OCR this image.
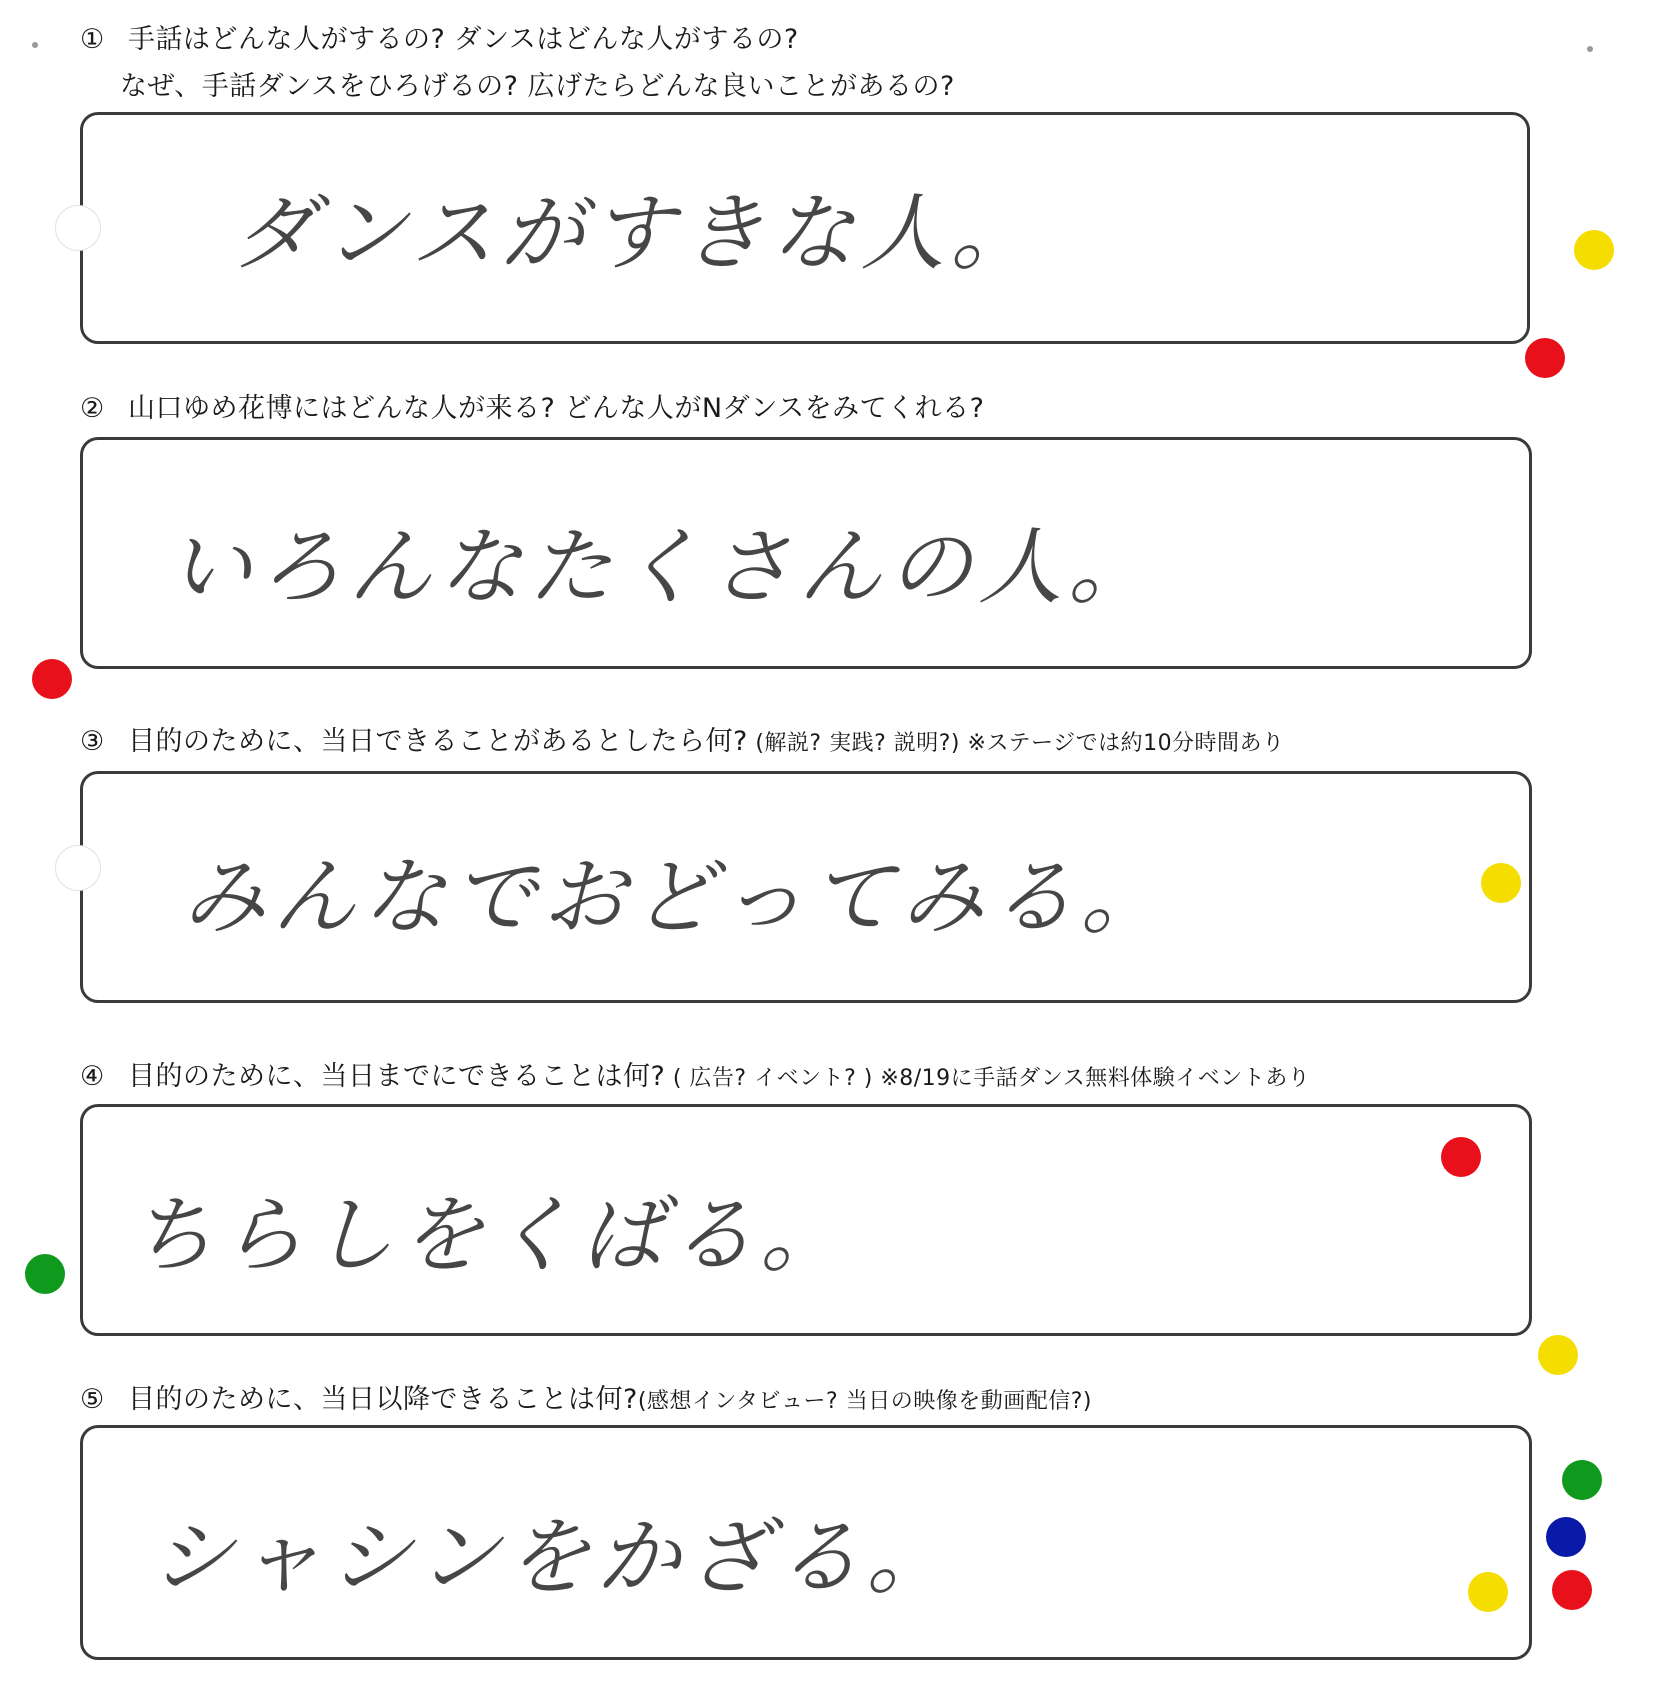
① 手話はどんな人がするの? ダンスはどんな人がするの?
なぜ、手話ダンスをひろげるの? 広げたらどんな良いことがあるの?
ダンスがすきな人。
② 山口ゆめ花博にはどんな人が来る? どんな人がNダンスをみてくれる?
いろんなたくさんの人。
③ 目的のために、当日できることがあるとしたら何? (解説? 実践? 説明?) ※ステージでは約10分時間あり
みんなでおどってみる。
④ 目的のために、当日までにできることは何? ( 広告? イベント? ) ※8/19に手話ダンス無料体験イベントあり
ちらしをくばる。
⑤ 目的のために、当日以降できることは何?(感想インタビュー? 当日の映像を動画配信?)
シャシンをかざる。
